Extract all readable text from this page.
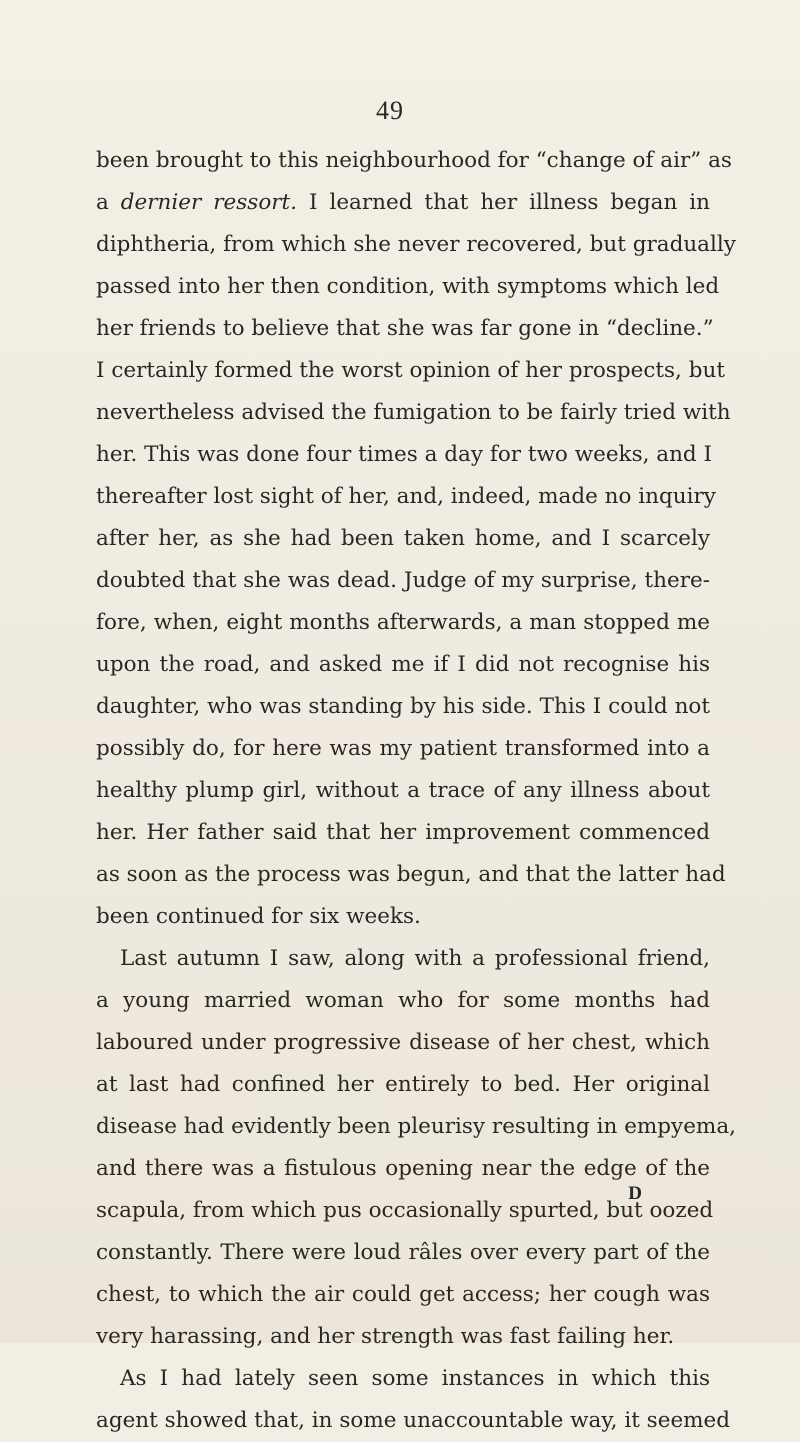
49
been brought to this neighbourhood for “change of air” as
a dernier ressort. I learned that her illness began in
diphtheria, from which she never recovered, but gradually
passed into her then condition, with symptoms which led
her friends to believe that she was far gone in “decline.”
I certainly formed the worst opinion of her prospects, but
nevertheless advised the fumigation to be fairly tried with
her. This was done four times a day for two weeks, and I
thereafter lost sight of her, and, indeed, made no inquiry
after her, as she had been taken home, and I scarcely
doubted that she was dead. Judge of my surprise, there-
fore, when, eight months afterwards, a man stopped me
upon the road, and asked me if I did not recognise his
daughter, who was standing by his side. This I could not
possibly do, for here was my patient transformed into a
healthy plump girl, without a trace of any illness about
her. Her father said that her improvement commenced
as soon as the process was begun, and that the latter had
been continued for six weeks.
Last autumn I saw, along with a professional friend,
a young married woman who for some months had
laboured under progressive disease of her chest, which
at last had confined her entirely to bed. Her original
disease had evidently been pleurisy resulting in empyema,
and there was a fistulous opening near the edge of the
scapula, from which pus occasionally spurted, but oozed
constantly. There were loud râles over every part of the
chest, to which the air could get access; her cough was
very harassing, and her strength was fast failing her.
As I had lately seen some instances in which this
agent showed that, in some unaccountable way, it seemed
D
